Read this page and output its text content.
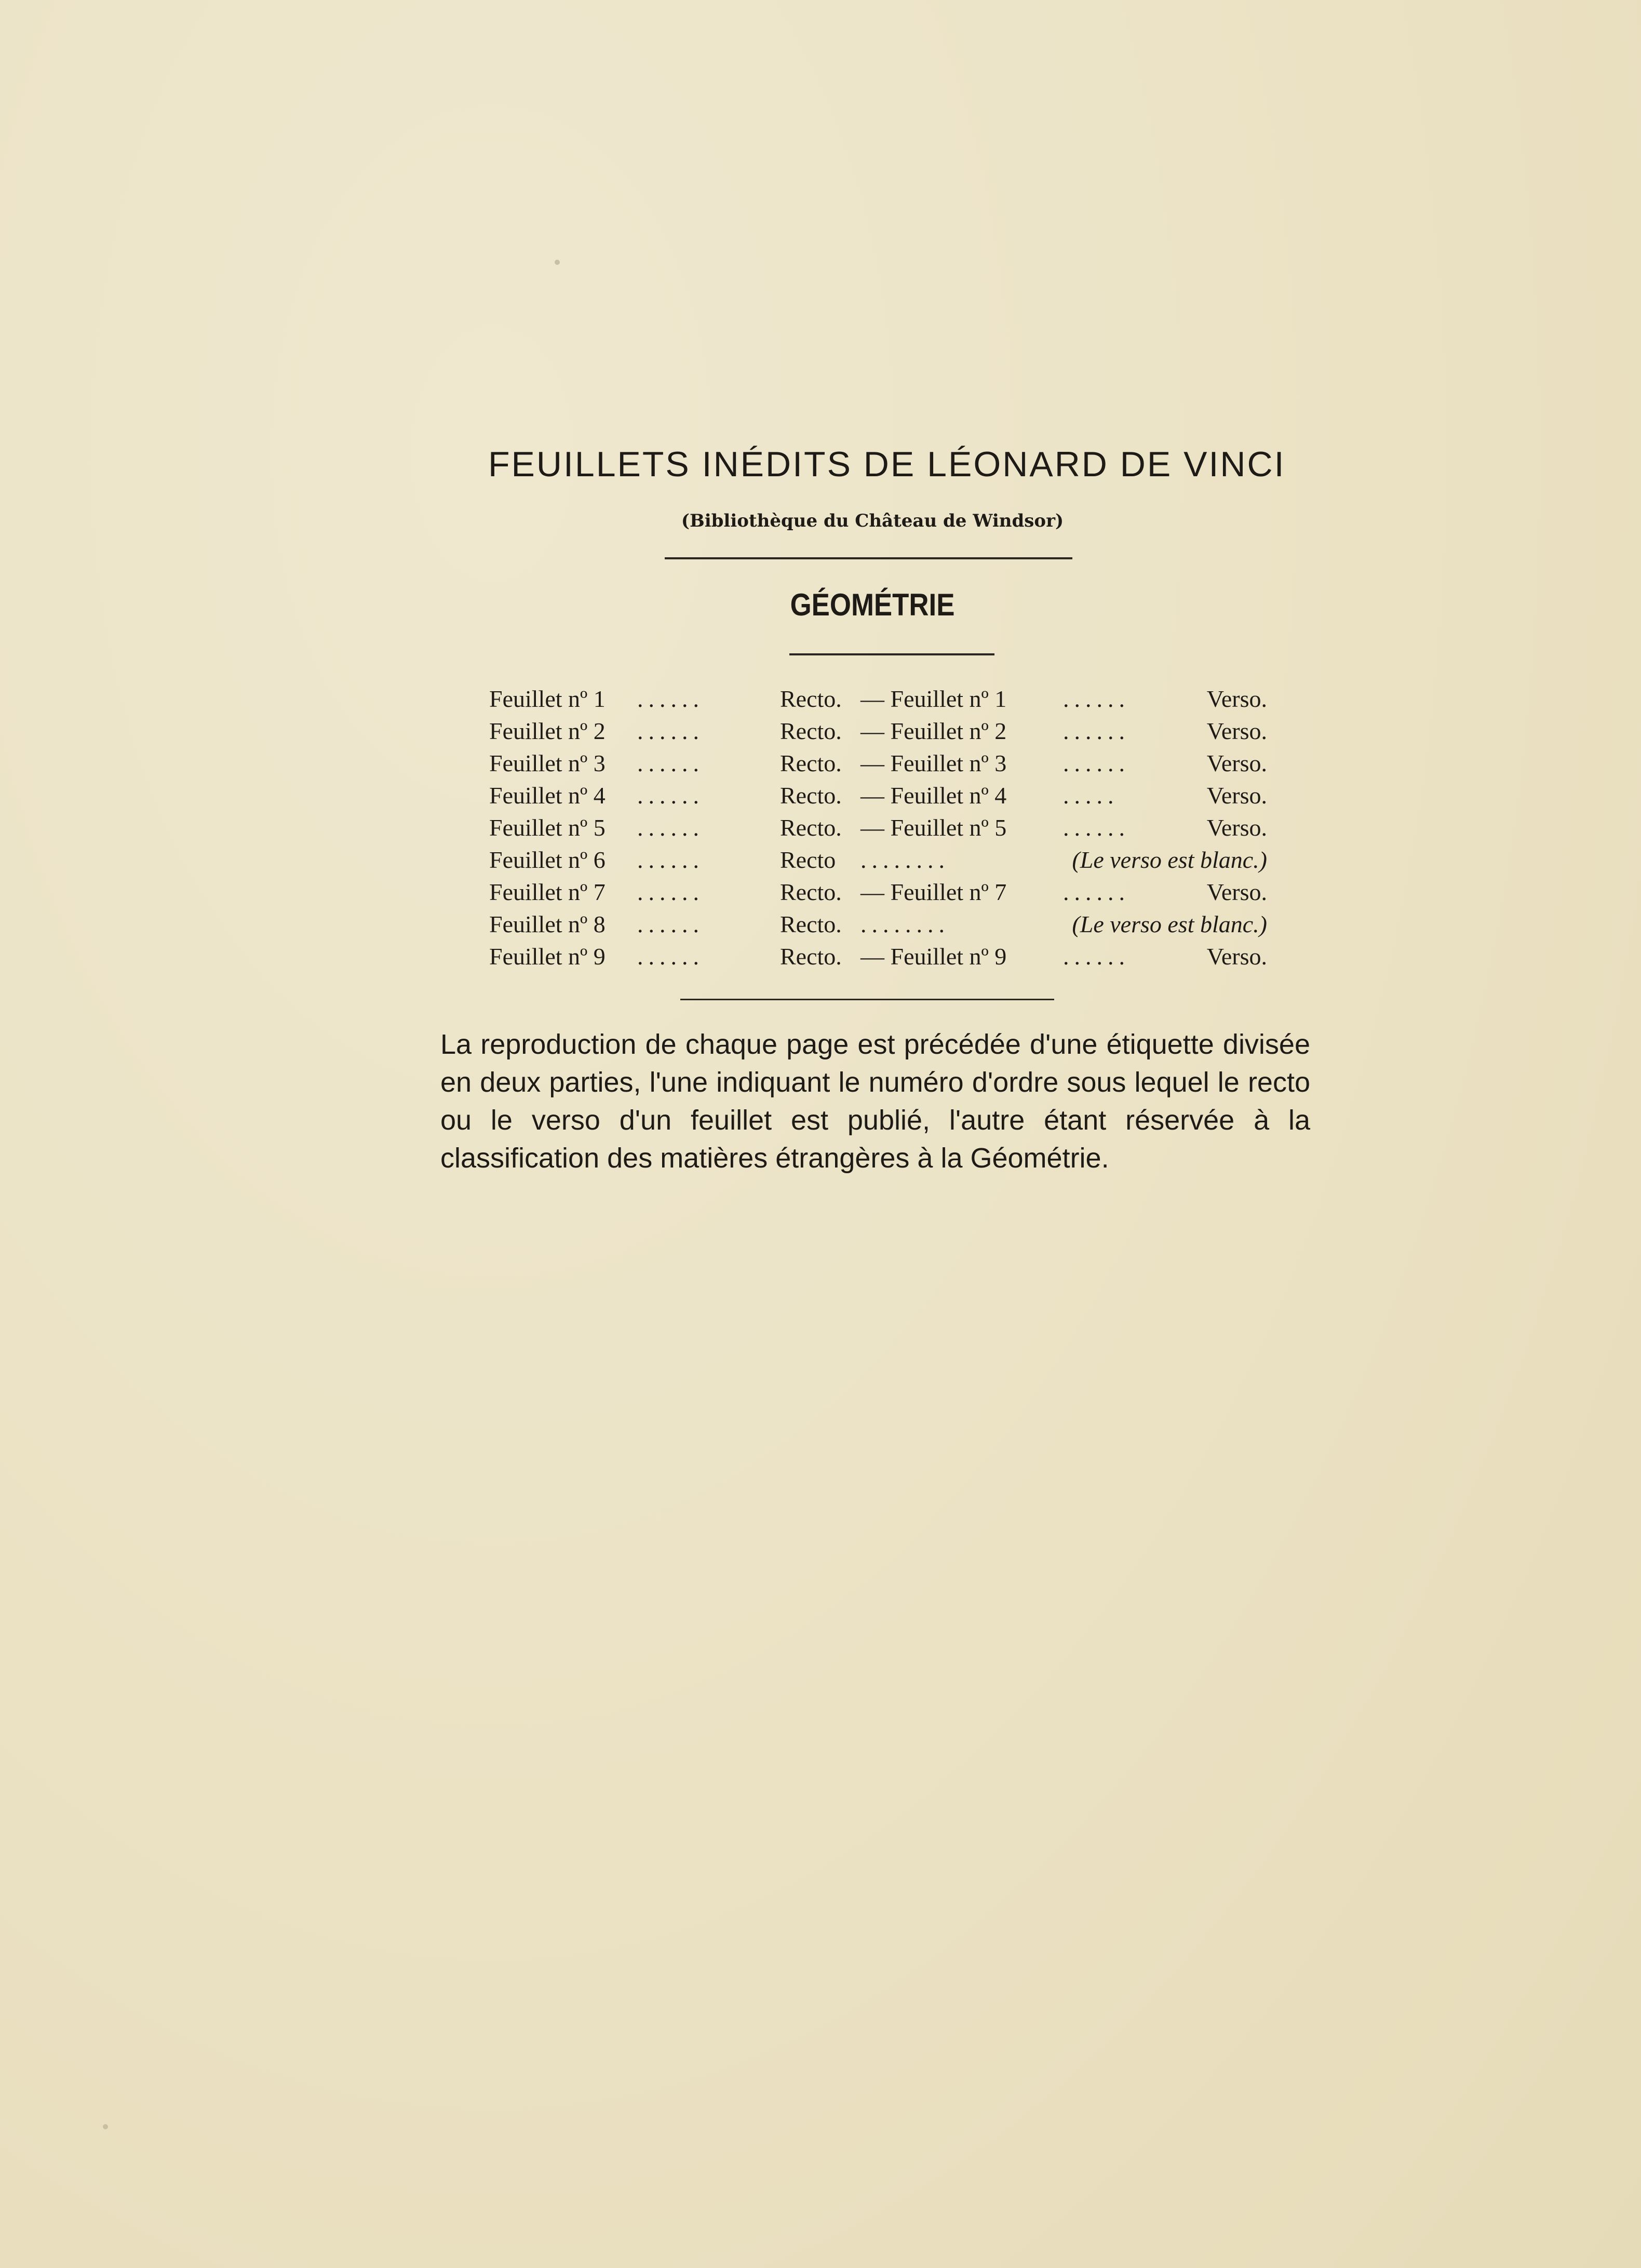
FEUILLETS INÉDITS DE LÉONARD DE VINCI
(Bibliothèque du Château de Windsor)
GÉOMÉTRIE
Feuillet nº 1 ......	Recto. — Feuillet nº 1 ......	Verso.
Feuillet nº 2 ......	Recto. — Feuillet nº 2 ......	Verso.
Feuillet nº 3 ......	Recto. — Feuillet nº 3 ......	Verso.
Feuillet nº 4 ......	Recto. — Feuillet nº 4 .....	Verso.
Feuillet nº 5 ......	Recto. — Feuillet nº 5 ......	Verso.
Feuillet nº 6 ......	Recto ........	(Le verso est blanc.)
Feuillet nº 7 ......	Recto. — Feuillet nº 7 ......	Verso.
Feuillet nº 8 ......	Recto. ........	(Le verso est blanc.)
Feuillet nº 9 ......	Recto. — Feuillet nº 9 ......	Verso.

La reproduction de chaque page est précédée d'une étiquette divisée en deux parties, l'une indiquant le numéro d'ordre sous lequel le recto ou le verso d'un feuillet est publié, l'autre étant réservée à la classification des matières étrangères à la Géométrie.
